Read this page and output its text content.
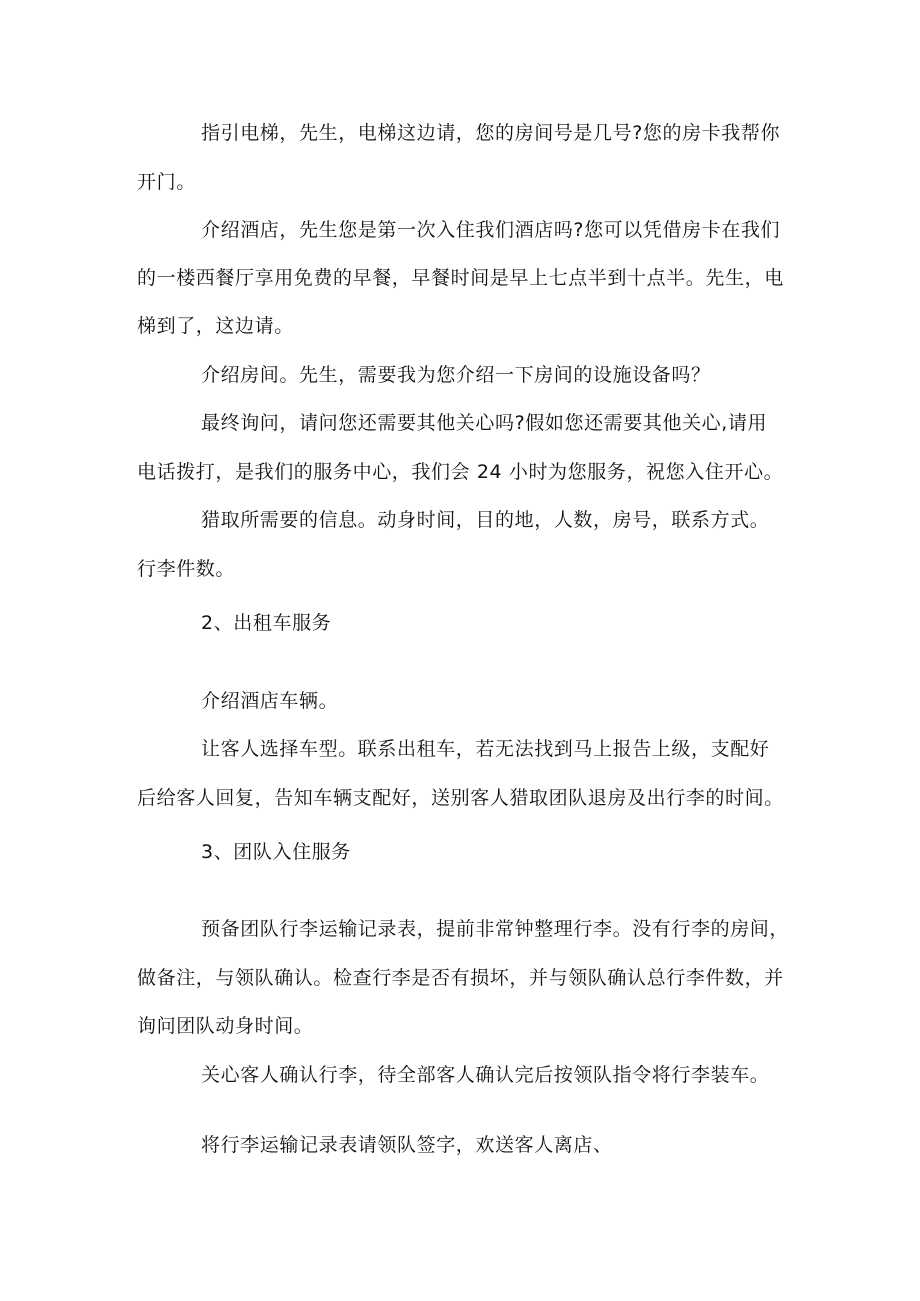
指引电梯，先生，电梯这边请，您的房间号是几号?您的房卡我帮你
开门。
介绍酒店，先生您是第一次入住我们酒店吗?您可以凭借房卡在我们
的一楼西餐厅享用免费的早餐，早餐时间是早上七点半到十点半。先生，电
梯到了，这边请。
介绍房间。先生，需要我为您介绍一下房间的设施设备吗？
最终询问，请问您还需要其他关心吗?假如您还需要其他关心,请用
电话拨打，是我们的服务中心，我们会 24 小时为您服务，祝您入住开心。
猎取所需要的信息。动身时间，目的地，人数，房号，联系方式。
行李件数。
2、出租车服务
介绍酒店车辆。
让客人选择车型。联系出租车，若无法找到马上报告上级，支配好
后给客人回复，告知车辆支配好，送别客人猎取团队退房及出行李的时间。
3、团队入住服务
预备团队行李运输记录表，提前非常钟整理行李。没有行李的房间，
做备注，与领队确认。检查行李是否有损坏，并与领队确认总行李件数，并
询问团队动身时间。
关心客人确认行李，待全部客人确认完后按领队指令将行李装车。
将行李运输记录表请领队签字，欢送客人离店、
